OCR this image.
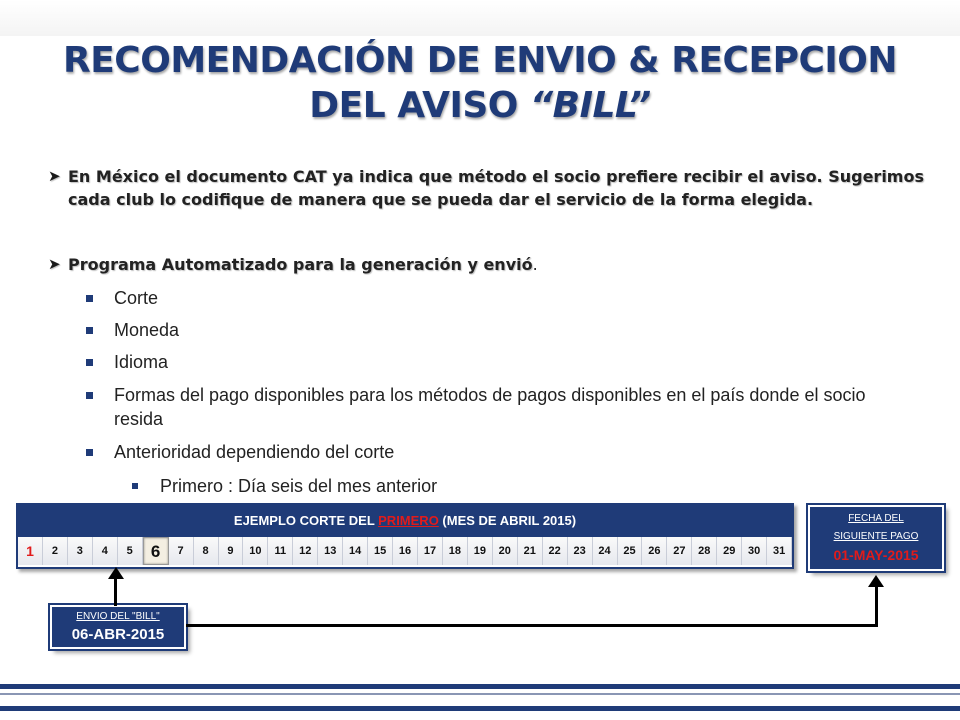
RECOMENDACIÓN DE ENVIO & RECEPCION
DEL AVISO “BILL”
➤ En México el documento CAT ya indica que método el socio prefiere recibir el aviso. Sugerimos cada club lo codifique de manera que se pueda dar el servicio de la forma elegida.
➤ Programa Automatizado para la generación y envió.
Corte
Moneda
Idioma
Formas del pago disponibles para los métodos de pagos disponibles en el país donde el socio resida
Anterioridad dependiendo del corte
Primero : Día seis del mes anterior
EJEMPLO CORTE DEL PRIMERO (MES DE ABRIL 2015)
1	2	3	4	5	6	7	8	9	10	11	12	13	14	15	16	17	18	19	20	21	22	23	24	25	26	27	28	29	30	31
FECHA DEL
SIGUIENTE PAGO
01-MAY-2015
ENVIO DEL "BILL"
06-ABR-2015
